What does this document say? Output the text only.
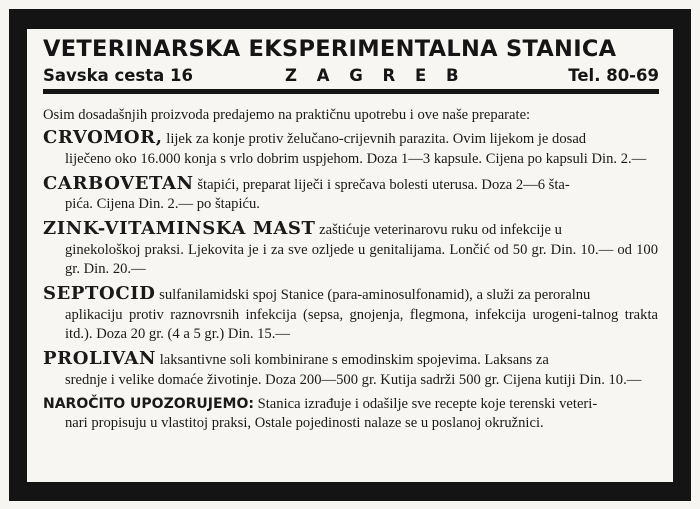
VETERINARSKA EKSPERIMENTALNA STANICA
Savska cesta 16	Z A G R E B	Tel. 80-69

Osim dosadašnjih proizvoda predajemo na praktičnu upotrebu i ove naše preparate:

CRVOMOR, lijek za konje protiv želučano-crijevnih parazita. Ovim lijekom je dosad
liječeno oko 16.000 konja s vrlo dobrim uspjehom. Doza 1—3 kapsule. Cijena po kapsuli Din. 2.—

CARBOVETAN štapići, preparat liječi i sprečava bolesti uterusa. Doza 2—6 šta-
pića. Cijena Din. 2.— po štapiću.

ZINK-VITAMINSKA MAST zaštićuje veterinarovu ruku od infekcije u
ginekološkoj praksi. Ljekovita je i za sve ozljede u genitalijama. Lončić od 50 gr. Din. 10.— od 100 gr. Din. 20.—

SEPTOCID sulfanilamidski spoj Stanice (para-aminosulfonamid), a služi za peroralnu
aplikaciju protiv raznovrsnih infekcija (sepsa, gnojenja, flegmona, infekcija urogeni-talnog trakta itd.). Doza 20 gr. (4 a 5 gr.) Din. 15.—

PROLIVAN laksantivne soli kombinirane s emodinskim spojevima. Laksans za
srednje i velike domaće životinje. Doza 200—500 gr. Kutija sadrži 500 gr. Cijena kutiji Din. 10.—

NAROČITO UPOZORUJEMO: Stanica izrađuje i odašilje sve recepte koje terenski veteri-
nari propisuju u vlastitoj praksi, Ostale pojedinosti nalaze se u poslanoj okružnici.
